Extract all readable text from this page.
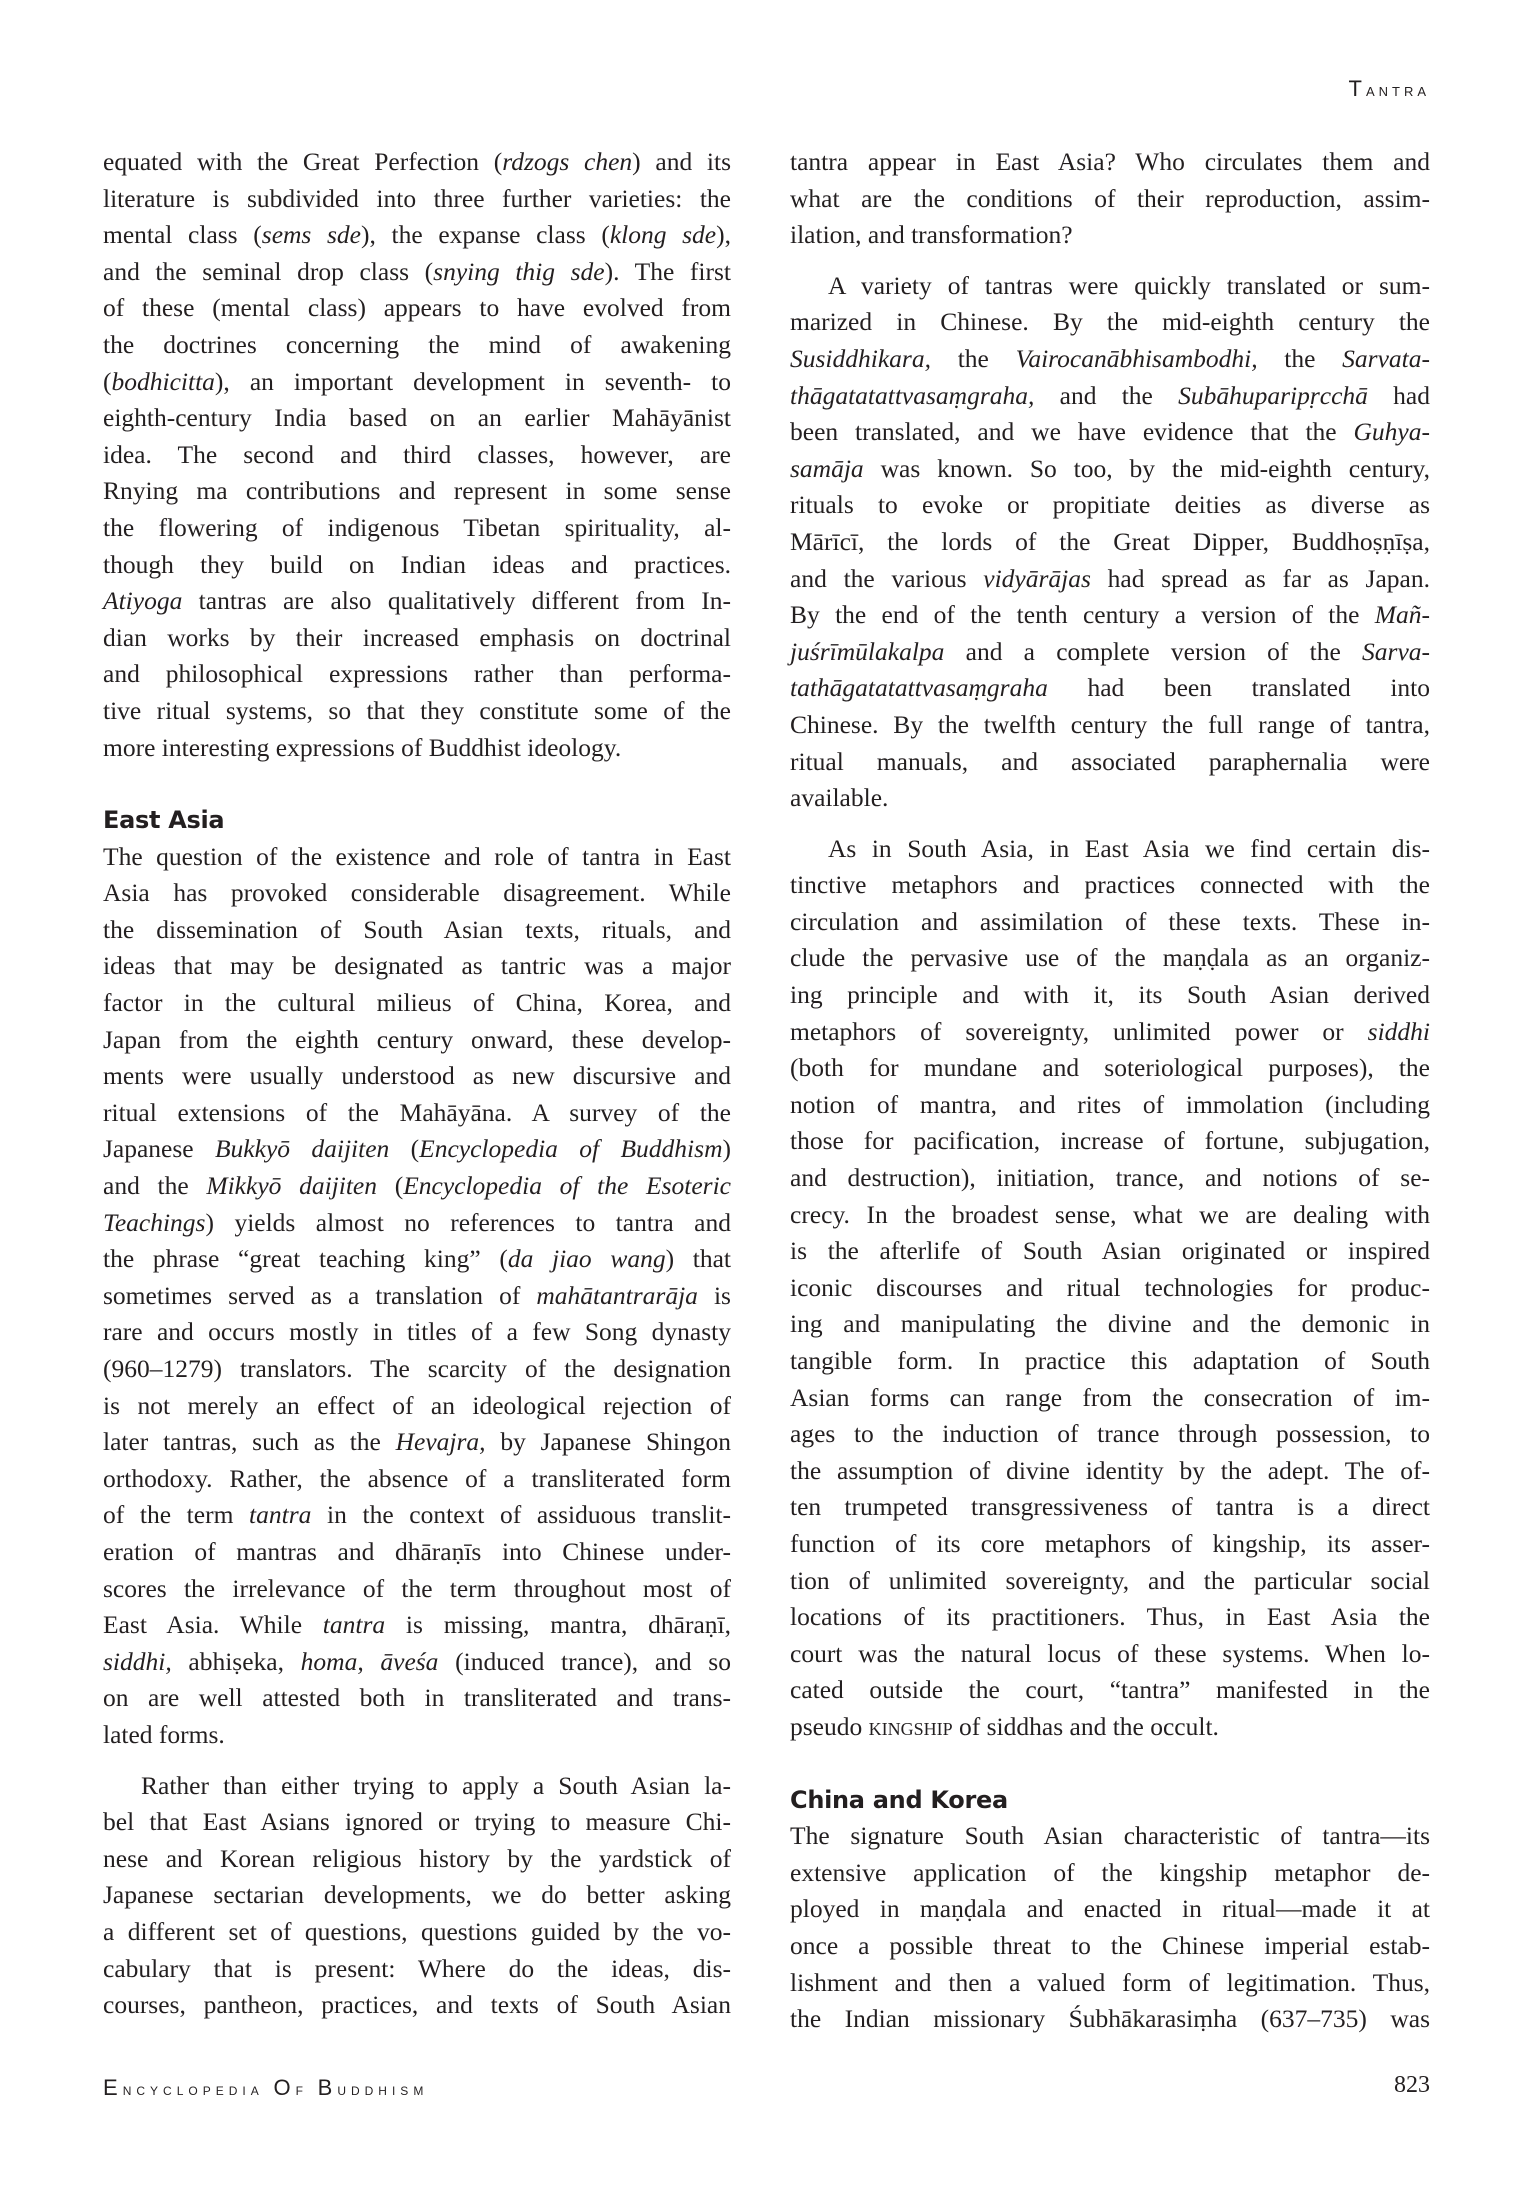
Tantra
equated with the Great Perfection (rdzogs chen) and its
literature is subdivided into three further varieties: the
mental class (sems sde), the expanse class (klong sde),
and the seminal drop class (snying thig sde). The first
of these (mental class) appears to have evolved from
the doctrines concerning the mind of awakening
(bodhicitta), an important development in seventh- to
eighth-century India based on an earlier Mahāyānist
idea. The second and third classes, however, are
Rnying ma contributions and represent in some sense
the flowering of indigenous Tibetan spirituality, al-
though they build on Indian ideas and practices.
Atiyoga tantras are also qualitatively different from In-
dian works by their increased emphasis on doctrinal
and philosophical expressions rather than performa-
tive ritual systems, so that they constitute some of the
more interesting expressions of Buddhist ideology.
East Asia
The question of the existence and role of tantra in East
Asia has provoked considerable disagreement. While
the dissemination of South Asian texts, rituals, and
ideas that may be designated as tantric was a major
factor in the cultural milieus of China, Korea, and
Japan from the eighth century onward, these develop-
ments were usually understood as new discursive and
ritual extensions of the Mahāyāna. A survey of the
Japanese Bukkyō daijiten (Encyclopedia of Buddhism)
and the Mikkyō daijiten (Encyclopedia of the Esoteric
Teachings) yields almost no references to tantra and
the phrase “great teaching king” (da jiao wang) that
sometimes served as a translation of mahātantrarāja is
rare and occurs mostly in titles of a few Song dynasty
(960–1279) translators. The scarcity of the designation
is not merely an effect of an ideological rejection of
later tantras, such as the Hevajra, by Japanese Shingon
orthodoxy. Rather, the absence of a transliterated form
of the term tantra in the context of assiduous translit-
eration of mantras and dhāraṇīs into Chinese under-
scores the irrelevance of the term throughout most of
East Asia. While tantra is missing, mantra, dhāraṇī,
siddhi, abhiṣeka, homa, āveśa (induced trance), and so
on are well attested both in transliterated and trans-
lated forms.
Rather than either trying to apply a South Asian la-
bel that East Asians ignored or trying to measure Chi-
nese and Korean religious history by the yardstick of
Japanese sectarian developments, we do better asking
a different set of questions, questions guided by the vo-
cabulary that is present: Where do the ideas, dis-
courses, pantheon, practices, and texts of South Asian
tantra appear in East Asia? Who circulates them and
what are the conditions of their reproduction, assim-
ilation, and transformation?
A variety of tantras were quickly translated or sum-
marized in Chinese. By the mid-eighth century the
Susiddhikara, the Vairocanābhisambodhi, the Sarvata-
thāgatatattvasaṃgraha, and the Subāhuparipṛcchā had
been translated, and we have evidence that the Guhya-
samāja was known. So too, by the mid-eighth century,
rituals to evoke or propitiate deities as diverse as
Mārīcī, the lords of the Great Dipper, Buddhoṣṇīṣa,
and the various vidyārājas had spread as far as Japan.
By the end of the tenth century a version of the Mañ-
juśrīmūlakalpa and a complete version of the Sarva-
tathāgatatattvasaṃgraha had been translated into
Chinese. By the twelfth century the full range of tantra,
ritual manuals, and associated paraphernalia were
available.
As in South Asia, in East Asia we find certain dis-
tinctive metaphors and practices connected with the
circulation and assimilation of these texts. These in-
clude the pervasive use of the maṇḍala as an organiz-
ing principle and with it, its South Asian derived
metaphors of sovereignty, unlimited power or siddhi
(both for mundane and soteriological purposes), the
notion of mantra, and rites of immolation (including
those for pacification, increase of fortune, subjugation,
and destruction), initiation, trance, and notions of se-
crecy. In the broadest sense, what we are dealing with
is the afterlife of South Asian originated or inspired
iconic discourses and ritual technologies for produc-
ing and manipulating the divine and the demonic in
tangible form. In practice this adaptation of South
Asian forms can range from the consecration of im-
ages to the induction of trance through possession, to
the assumption of divine identity by the adept. The of-
ten trumpeted transgressiveness of tantra is a direct
function of its core metaphors of kingship, its asser-
tion of unlimited sovereignty, and the particular social
locations of its practitioners. Thus, in East Asia the
court was the natural locus of these systems. When lo-
cated outside the court, “tantra” manifested in the
pseudo kingship of siddhas and the occult.
China and Korea
The signature South Asian characteristic of tantra—its
extensive application of the kingship metaphor de-
ployed in maṇḍala and enacted in ritual—made it at
once a possible threat to the Chinese imperial estab-
lishment and then a valued form of legitimation. Thus,
the Indian missionary Śubhākarasiṃha (637–735) was
Encyclopedia Of Buddhism	823
